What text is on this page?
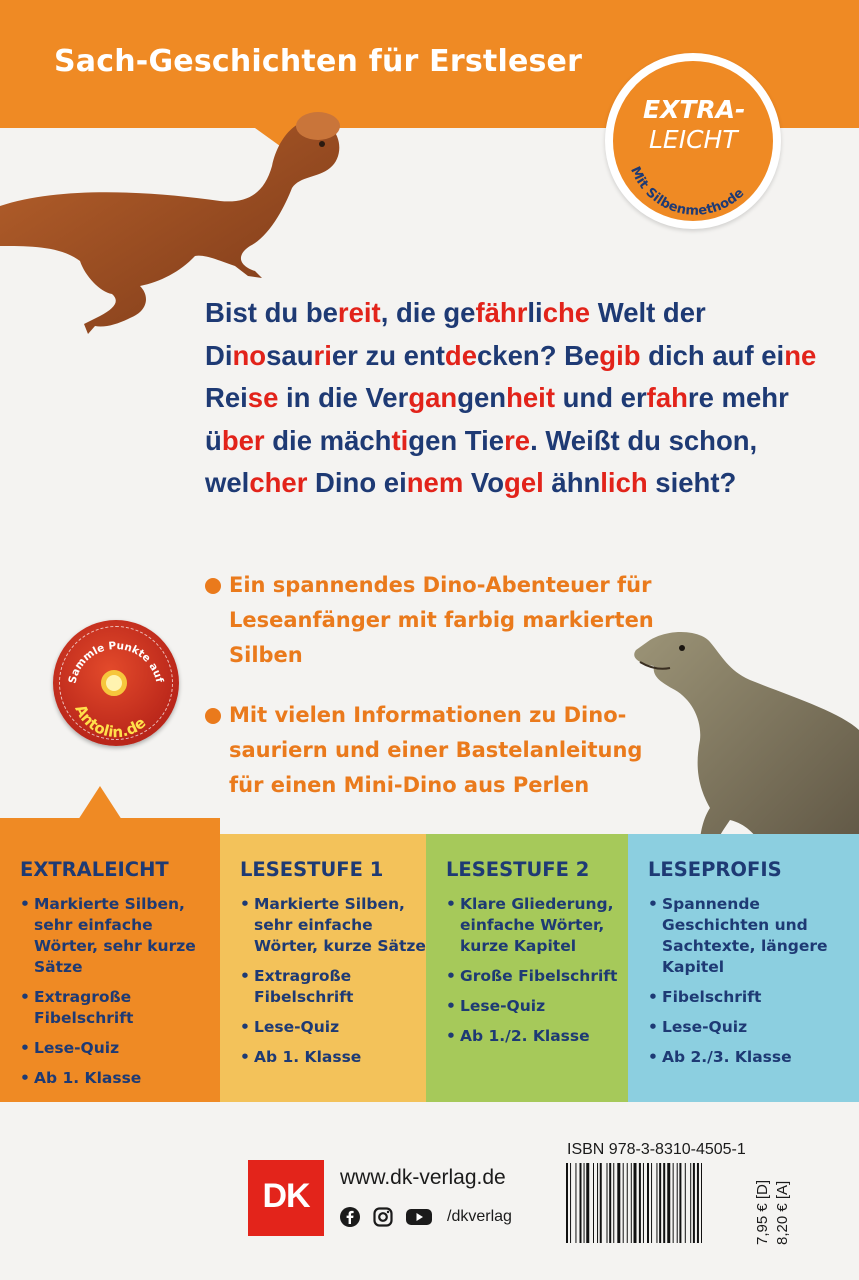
Sach-Geschichten für Erstleser
EXTRA-
LEICHT
Mit Silbenmethode
Bist du bereit, die gefährliche Welt der Dinosaurier zu entdecken? Begib dich auf eine Reise in die Vergangenheit und erfahre mehr über die mächtigen Tiere. Weißt du schon, welcher Dino einem Vogel ähnlich sieht?
Ein spannendes Dino-Abenteuer für Leseanfänger mit farbig markierten Silben
Mit vielen Informationen zu Dino-sauriern und einer Bastelanleitung für einen Mini-Dino aus Perlen
Sammle Punkte auf
Antolin.de
EXTRALEICHT
• Markierte Silben, sehr einfache Wörter, sehr kurze Sätze
• Extragroße Fibelschrift
• Lese-Quiz
• Ab 1. Klasse
LESESTUFE 1
• Markierte Silben, sehr einfache Wörter, kurze Sätze
• Extragroße Fibelschrift
• Lese-Quiz
• Ab 1. Klasse
LESESTUFE 2
• Klare Gliederung, einfache Wörter, kurze Kapitel
• Große Fibelschrift
• Lese-Quiz
• Ab 1./2. Klasse
LESEPROFIS
• Spannende Geschichten und Sachtexte, längere Kapitel
• Fibelschrift
• Lese-Quiz
• Ab 2./3. Klasse
DK	www.dk-verlag.de
/dkverlag
ISBN 978-3-8310-4505-1
7,95 € [D] 8,20 € [A]
